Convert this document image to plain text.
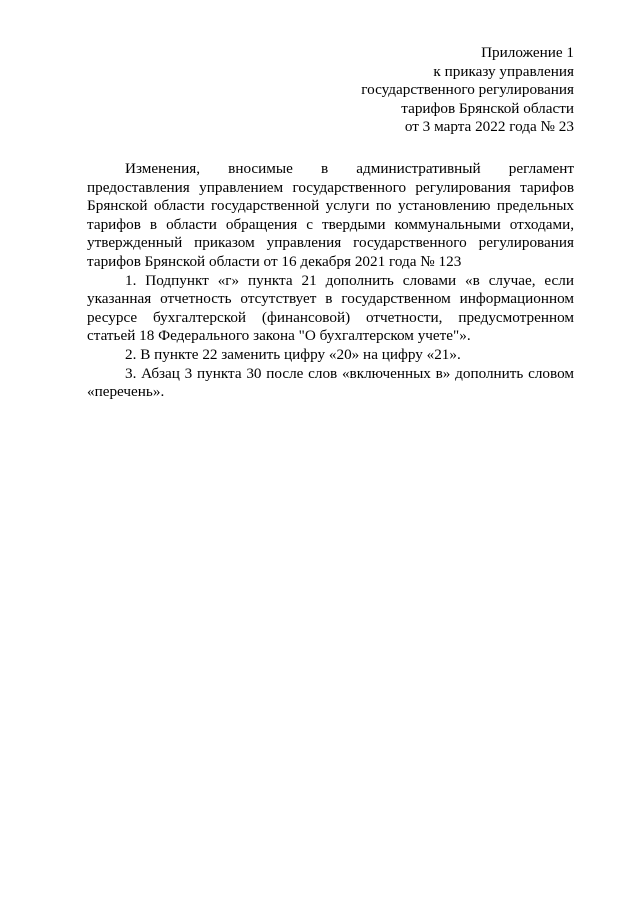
Приложение 1
к приказу управления
государственного регулирования
тарифов Брянской области
от 3 марта 2022 года № 23

Изменения, вносимые в административный регламент предоставления управлением государственного регулирования тарифов Брянской области государственной услуги по установлению предельных тарифов в области обращения с твердыми коммунальными отходами, утвержденный приказом управления государственного регулирования тарифов Брянской области от 16 декабря 2021 года № 123

1. Подпункт «г» пункта 21 дополнить словами «в случае, если указанная отчетность отсутствует в государственном информационном ресурсе бухгалтерской (финансовой) отчетности, предусмотренном статьей 18 Федерального закона "О бухгалтерском учете"».

2. В пункте 22 заменить цифру «20» на цифру «21».

3. Абзац 3 пункта 30 после слов «включенных в» дополнить словом «перечень».
